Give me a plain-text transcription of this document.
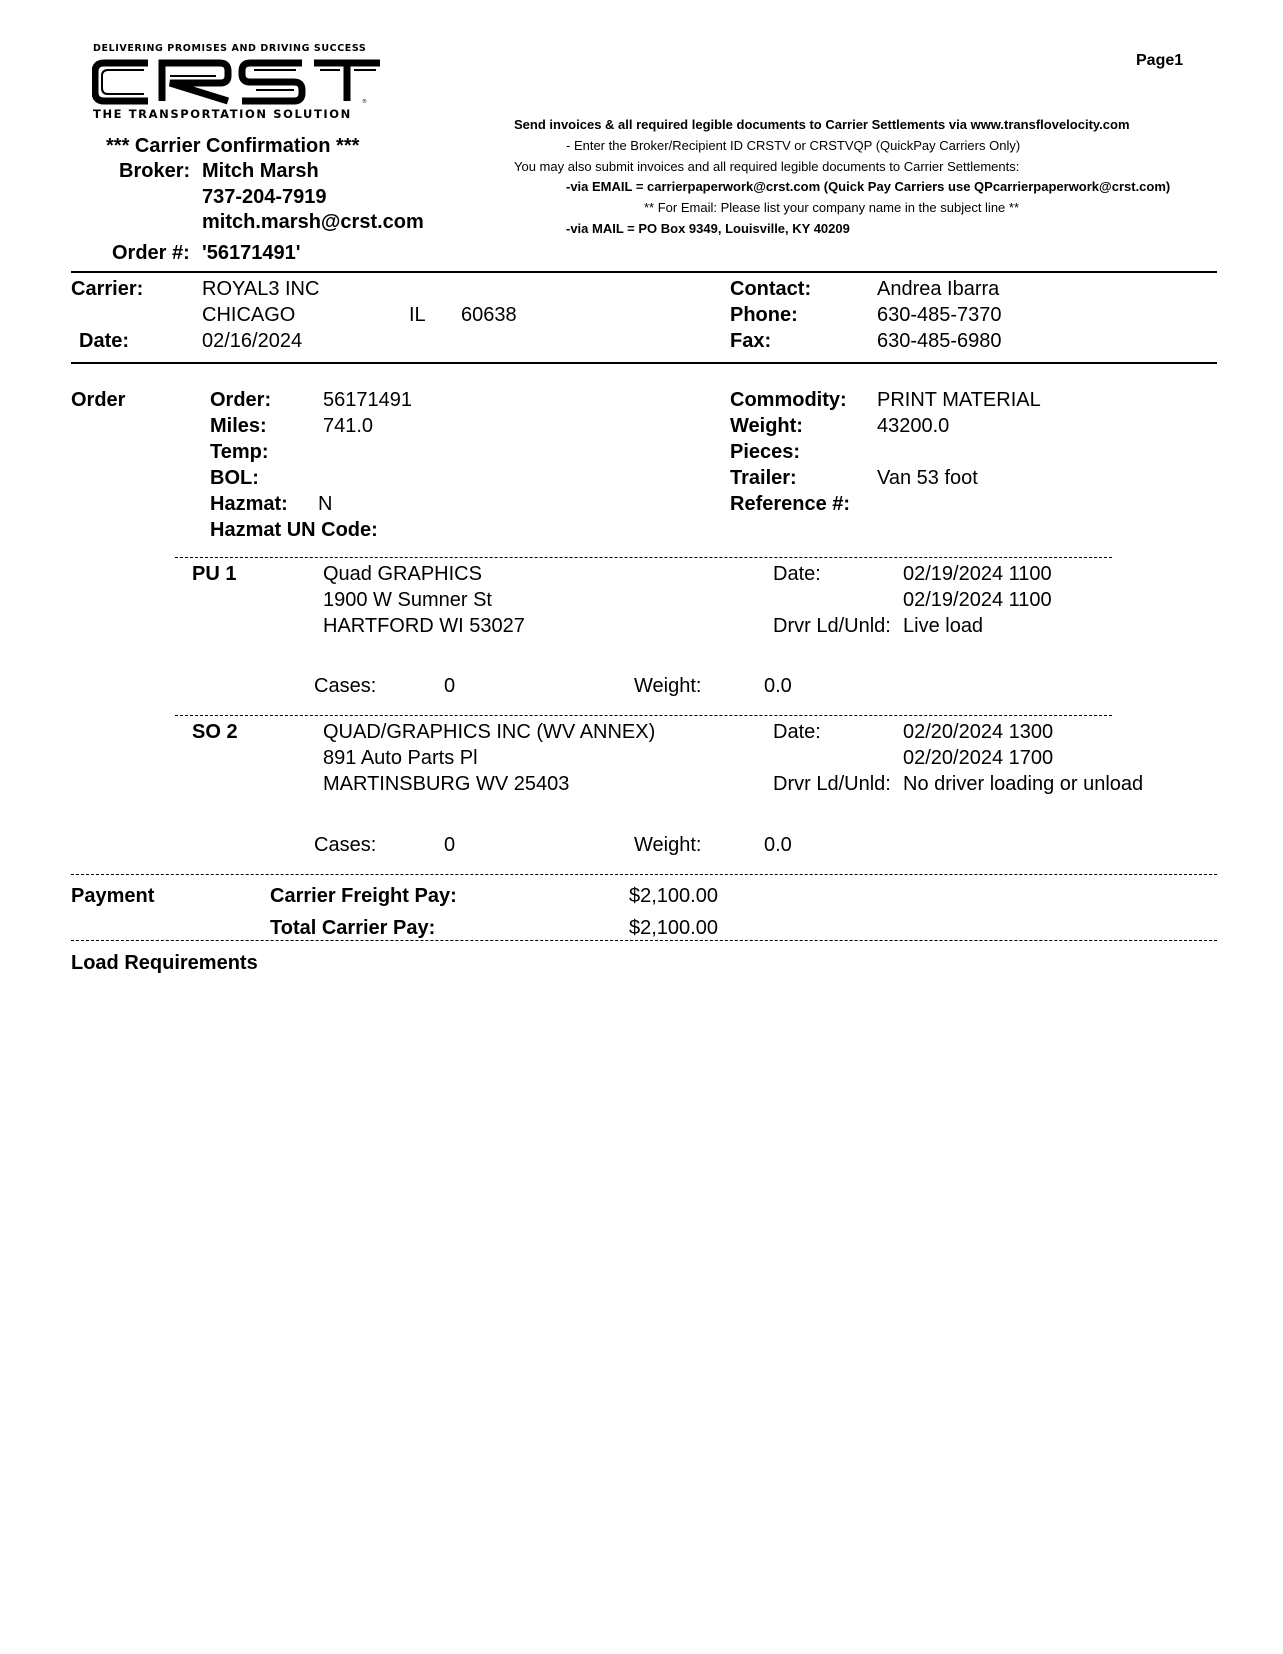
Page1
DELIVERING PROMISES AND DRIVING SUCCESS
®
THE TRANSPORTATION SOLUTION
*** Carrier Confirmation ***
Broker: Mitch Marsh
737-204-7919
mitch.marsh@crst.com
Order #: '56171491'
Send invoices & all required legible documents to Carrier Settlements via www.transflovelocity.com
- Enter the Broker/Recipient ID CRSTV or CRSTVQP (QuickPay Carriers Only)
You may also submit invoices and all required legible documents to Carrier Settlements:
-via EMAIL = carrierpaperwork@crst.com (Quick Pay Carriers use QPcarrierpaperwork@crst.com)
** For Email: Please list your company name in the subject line **
-via MAIL = PO Box 9349, Louisville, KY 40209
Carrier:	ROYAL3 INC
CHICAGO	IL 60638
Date:	02/16/2024
Contact:	Andrea Ibarra
Phone:	630-485-7370
Fax:	630-485-6980
Order	Order:	56171491
Miles:	741.0
Temp:
BOL:
Hazmat: N
Hazmat UN Code:
Commodity: PRINT MATERIAL
Weight:	43200.0
Pieces:
Trailer:	Van 53 foot
Reference #:
PU 1	Quad GRAPHICS
1900 W Sumner St
HARTFORD WI 53027
Date:	02/19/2024 1100
02/19/2024 1100
Drvr Ld/Unld: Live load
Cases:	0	Weight:	0.0
SO 2	QUAD/GRAPHICS INC (WV ANNEX)
891 Auto Parts Pl
MARTINSBURG WV 25403
Date:	02/20/2024 1300
02/20/2024 1700
Drvr Ld/Unld: No driver loading or unload
Cases:	0	Weight:	0.0
Payment	Carrier Freight Pay:	$2,100.00
Total Carrier Pay:	$2,100.00
Load Requirements
